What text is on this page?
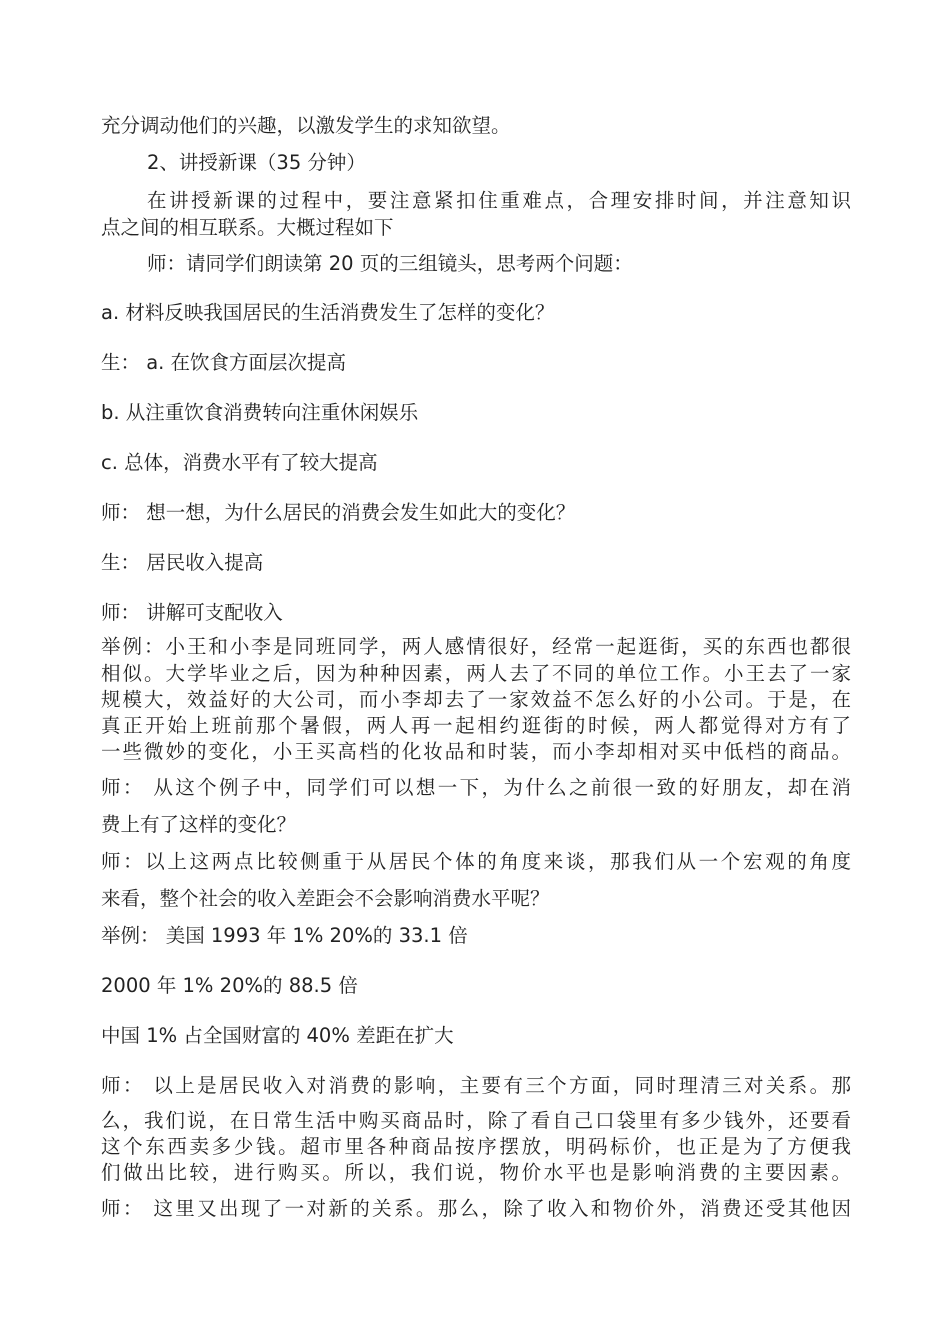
充分调动他们的兴趣，以激发学生的求知欲望。
2、讲授新课（35 分钟）
在讲授新课的过程中，要注意紧扣住重难点，合理安排时间，并注意知识
点之间的相互联系。大概过程如下
师：请同学们朗读第 20 页的三组镜头，思考两个问题：
a. 材料反映我国居民的生活消费发生了怎样的变化？
生： a. 在饮食方面层次提高
b. 从注重饮食消费转向注重休闲娱乐
c. 总体，消费水平有了较大提高
师： 想一想，为什么居民的消费会发生如此大的变化？
生： 居民收入提高
师： 讲解可支配收入
举例：小王和小李是同班同学，两人感情很好，经常一起逛街，买的东西也都很
相似。大学毕业之后，因为种种因素，两人去了不同的单位工作。小王去了一家
规模大，效益好的大公司，而小李却去了一家效益不怎么好的小公司。于是，在
真正开始上班前那个暑假，两人再一起相约逛街的时候，两人都觉得对方有了
一些微妙的变化，小王买高档的化妆品和时装，而小李却相对买中低档的商品。
师： 从这个例子中，同学们可以想一下，为什么之前很一致的好朋友，却在消
费上有了这样的变化？
师：以上这两点比较侧重于从居民个体的角度来谈，那我们从一个宏观的角度
来看，整个社会的收入差距会不会影响消费水平呢？
举例： 美国 1993 年 1% 20%的 33.1 倍
2000 年 1% 20%的 88.5 倍
中国 1% 占全国财富的 40% 差距在扩大
师： 以上是居民收入对消费的影响，主要有三个方面，同时理清三对关系。那
么，我们说，在日常生活中购买商品时，除了看自己口袋里有多少钱外，还要看
这个东西卖多少钱。超市里各种商品按序摆放，明码标价，也正是为了方便我
们做出比较，进行购买。所以，我们说，物价水平也是影响消费的主要因素。
师： 这里又出现了一对新的关系。那么，除了收入和物价外，消费还受其他因
